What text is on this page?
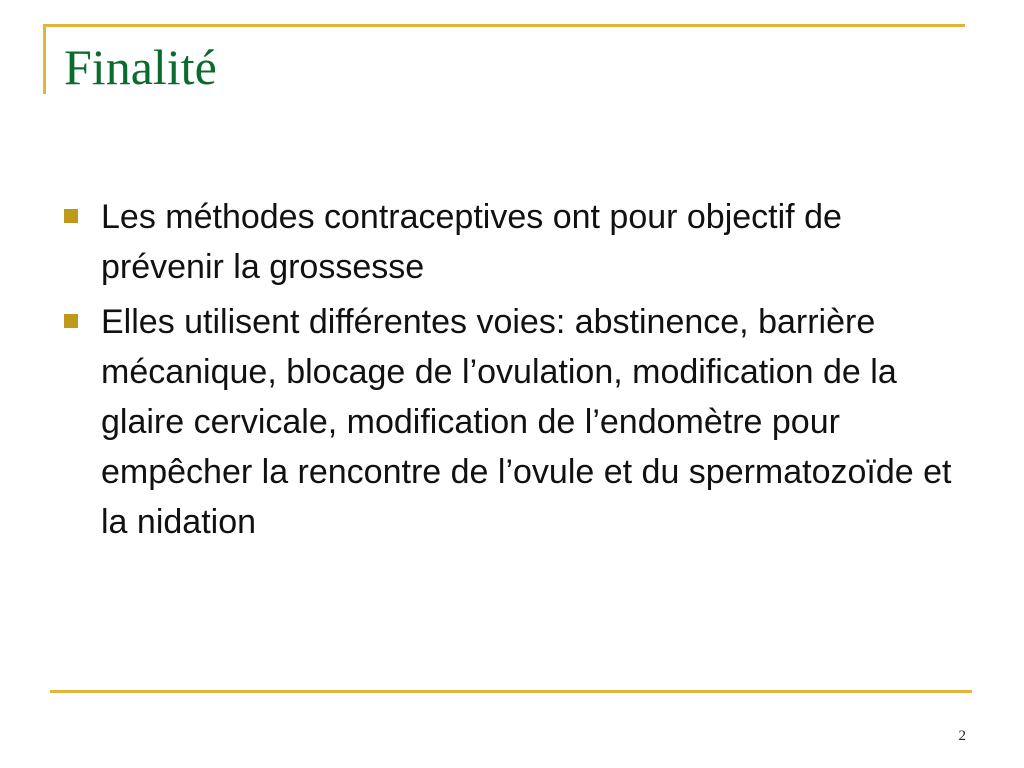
Finalité

Les méthodes contraceptives ont pour objectif de prévenir la grossesse

Elles utilisent différentes voies: abstinence, barrière mécanique, blocage de l’ovulation, modification de la glaire cervicale, modification de l’endomètre pour empêcher la rencontre de l’ovule et du spermatozoïde et la nidation

2
